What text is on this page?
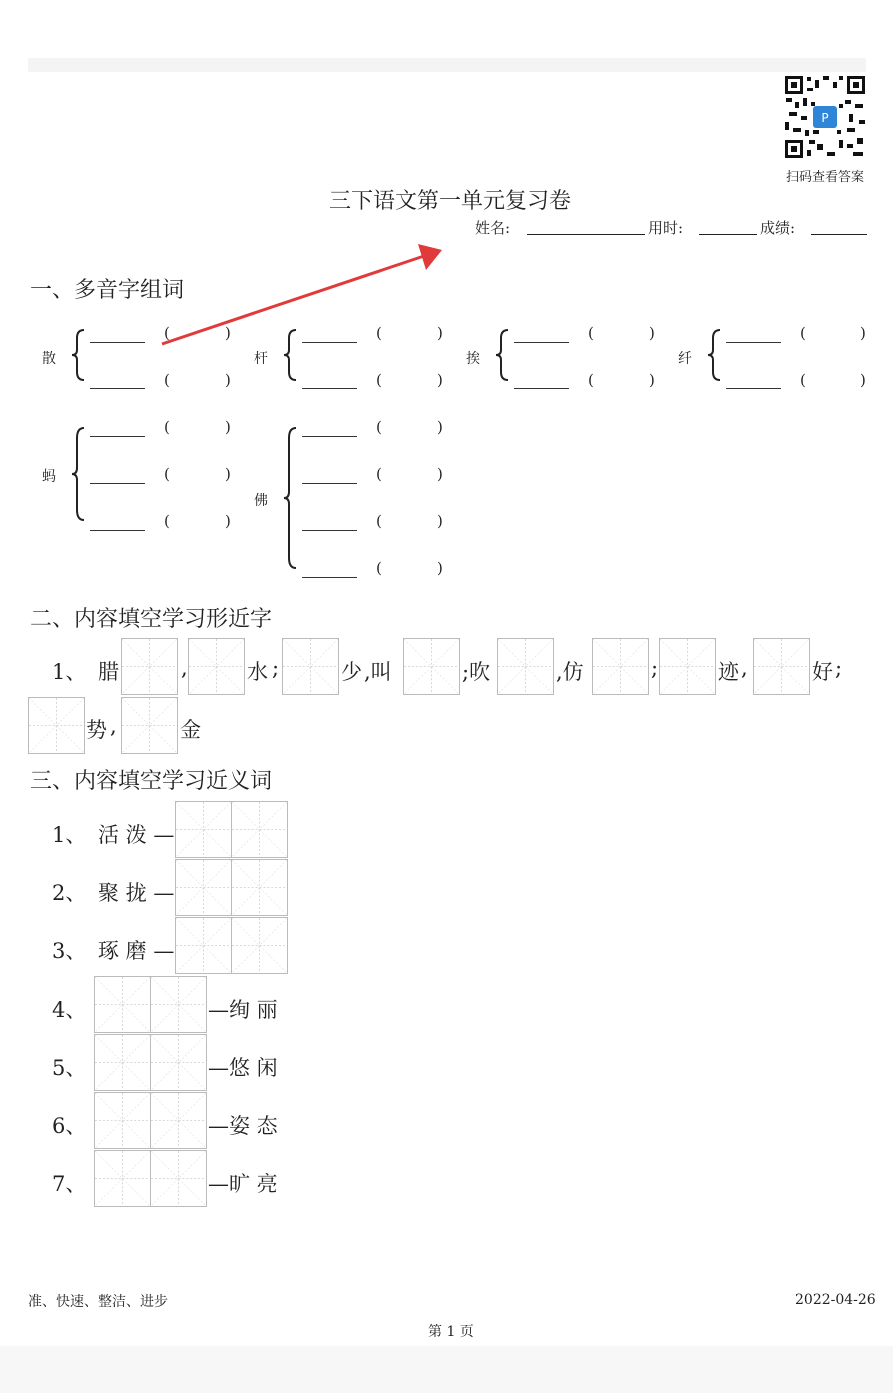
P
扫码查看答案
三下语文第一单元复习卷
姓名:	用时:	成绩:
一、多音字组词
散
(	)
(	)
杆
(	)
(	)
挨
(	)
(	)
纤
(	)
(	)
蚂
(	)
(	)
(	)
佛
(	)
(	)
(	)
(	)
二、内容填空学习形近字
1、 腊	,	水 ;	少 ,叫	;吹	,仿	;	迹 ,	好 ;
势 ,	金
三、内容填空学习近义词
1、 活 泼 —
2、 聚 拢 —
3、 琢 磨 —
4、	—绚 丽
5、	—悠 闲
6、	—姿 态
7、	—旷 亮
准、快速、整洁、进步	2022-04-26
第 1 页
